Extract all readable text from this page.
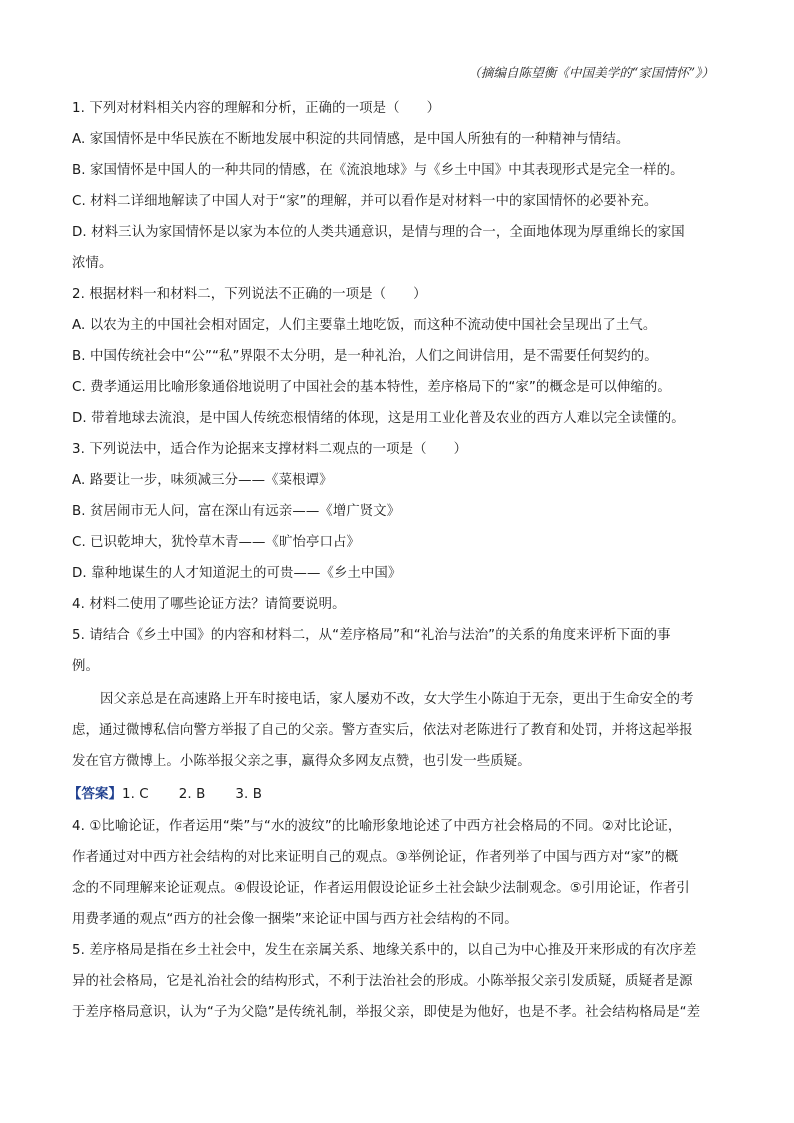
（摘编自陈望衡《中国美学的“家国情怀”》）
1. 下列对材料相关内容的理解和分析，正确的一项是（　　）
A. 家国情怀是中华民族在不断地发展中积淀的共同情感，是中国人所独有的一种精神与情结。
B. 家国情怀是中国人的一种共同的情感，在《流浪地球》与《乡土中国》中其表现形式是完全一样的。
C. 材料二详细地解读了中国人对于“家”的理解，并可以看作是对材料一中的家国情怀的必要补充。
D. 材料三认为家国情怀是以家为本位的人类共通意识，是情与理的合一，全面地体现为厚重绵长的家国
浓情。
2. 根据材料一和材料二，下列说法不正确的一项是（　　）
A. 以农为主的中国社会相对固定，人们主要靠土地吃饭，而这种不流动使中国社会呈现出了土气。
B. 中国传统社会中“公”“私”界限不太分明，是一种礼治，人们之间讲信用，是不需要任何契约的。
C. 费孝通运用比喻形象通俗地说明了中国社会的基本特性，差序格局下的“家”的概念是可以伸缩的。
D. 带着地球去流浪，是中国人传统恋根情绪的体现，这是用工业化普及农业的西方人难以完全读懂的。
3. 下列说法中，适合作为论据来支撑材料二观点的一项是（　　）
A. 路要让一步，味须减三分——《菜根谭》
B. 贫居闹市无人问，富在深山有远亲——《增广贤文》
C. 已识乾坤大，犹怜草木青——《旷怡亭口占》
D. 靠种地谋生的人才知道泥土的可贵——《乡土中国》
4. 材料二使用了哪些论证方法？请简要说明。
5. 请结合《乡土中国》的内容和材料二，从“差序格局”和“礼治与法治”的关系的角度来评析下面的事
例。
因父亲总是在高速路上开车时接电话，家人屡劝不改，女大学生小陈迫于无奈，更出于生命安全的考
虑，通过微博私信向警方举报了自己的父亲。警方查实后，依法对老陈进行了教育和处罚，并将这起举报
发在官方微博上。小陈举报父亲之事，赢得众多网友点赞，也引发一些质疑。
【答案】1. C 2. B 3. B
4. ①比喻论证，作者运用“柴”与“水的波纹”的比喻形象地论述了中西方社会格局的不同。②对比论证，
作者通过对中西方社会结构的对比来证明自己的观点。③举例论证，作者列举了中国与西方对“家”的概
念的不同理解来论证观点。④假设论证，作者运用假设论证乡土社会缺少法制观念。⑤引用论证，作者引
用费孝通的观点“西方的社会像一捆柴”来论证中国与西方社会结构的不同。
5. 差序格局是指在乡土社会中，发生在亲属关系、地缘关系中的，以自己为中心推及开来形成的有次序差
异的社会格局，它是礼治社会的结构形式，不利于法治社会的形成。小陈举报父亲引发质疑，质疑者是源
于差序格局意识，认为“子为父隐”是传统礼制，举报父亲，即使是为他好，也是不孝。社会结构格局是“差
